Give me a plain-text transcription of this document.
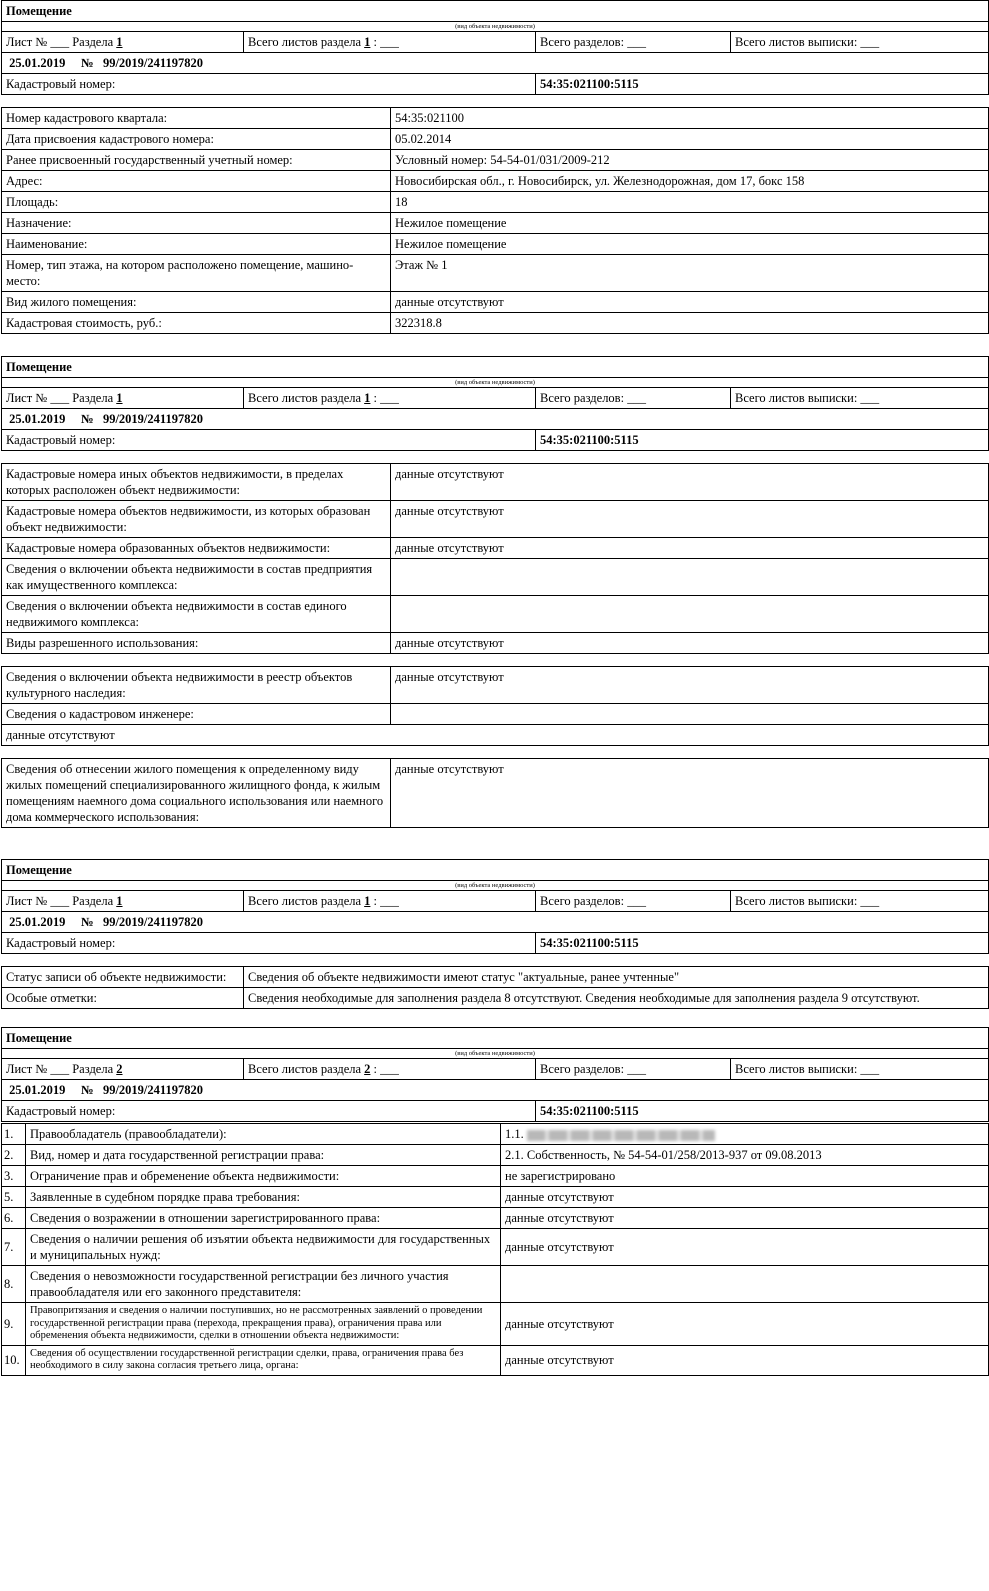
Помещение			
(вид объекта недвижимости)			
Лист № ___ Раздела 1	Всего листов раздела 1 : ___	Всего разделов: ___	Всего листов выписки: ___
25.01.2019 № 99/2019/241197820			
Кадастровый номер:		54:35:021100:5115	
Номер кадастрового квартала:	54:35:021100
Дата присвоения кадастрового номера:	05.02.2014
Ранее присвоенный государственный учетный номер:	Условный номер: 54-54-01/031/2009-212
Адрес:	Новосибирская обл., г. Новосибирск, ул. Железнодорожная, дом 17, бокс 158
Площадь:	18
Назначение:	Нежилое помещение
Наименование:	Нежилое помещение
Номер, тип этажа, на котором расположено помещение, машино-место:	Этаж № 1
Вид жилого помещения:	данные отсутствуют
Кадастровая стоимость, руб.:	322318.8
Помещение			
(вид объекта недвижимости)			
Лист № ___ Раздела 1	Всего листов раздела 1 : ___	Всего разделов: ___	Всего листов выписки: ___
25.01.2019 № 99/2019/241197820			
Кадастровый номер:		54:35:021100:5115	
Кадастровые номера иных объектов недвижимости, в пределах которых расположен объект недвижимости:	данные отсутствуют
Кадастровые номера объектов недвижимости, из которых образован объект недвижимости:	данные отсутствуют
Кадастровые номера образованных объектов недвижимости:	данные отсутствуют
Сведения о включении объекта недвижимости в состав предприятия как имущественного комплекса:	
Сведения о включении объекта недвижимости в состав единого недвижимого комплекса:	
Виды разрешенного использования:	данные отсутствуют
Сведения о включении объекта недвижимости в реестр объектов культурного наследия:	данные отсутствуют
Сведения о кадастровом инженере:	
данные отсутствуют	
Сведения об отнесении жилого помещения к определенному виду жилых помещений специализированного жилищного фонда, к жилым помещениям наемного дома социального использования или наемного дома коммерческого использования:	данные отсутствуют
Помещение			
(вид объекта недвижимости)			
Лист № ___ Раздела 1	Всего листов раздела 1 : ___	Всего разделов: ___	Всего листов выписки: ___
25.01.2019 № 99/2019/241197820			
Кадастровый номер:		54:35:021100:5115	
Статус записи об объекте недвижимости:	Сведения об объекте недвижимости имеют статус "актуальные, ранее учтенные"
Особые отметки:	Сведения необходимые для заполнения раздела 8 отсутствуют. Сведения необходимые для заполнения раздела 9 отсутствуют.
Помещение			
(вид объекта недвижимости)			
Лист № ___ Раздела 2	Всего листов раздела 2 : ___	Всего разделов: ___	Всего листов выписки: ___
25.01.2019 № 99/2019/241197820			
Кадастровый номер:		54:35:021100:5115	
1.	Правообладатель (правообладатели):	1.1.
2.	Вид, номер и дата государственной регистрации права:	2.1. Собственность, № 54-54-01/258/2013-937 от 09.08.2013
3.	Ограничение прав и обременение объекта недвижимости:	не зарегистрировано
5.	Заявленные в судебном порядке права требования:	данные отсутствуют
6.	Сведения о возражении в отношении зарегистрированного права:	данные отсутствуют
7.	Сведения о наличии решения об изъятии объекта недвижимости для государственных и муниципальных нужд:	данные отсутствуют
8.	Сведения о невозможности государственной регистрации без личного участия правообладателя или его законного представителя:	
9.	Правопритязания и сведения о наличии поступивших, но не рассмотренных заявлений о проведении государственной регистрации права (перехода, прекращения права), ограничения права или обременения объекта недвижимости, сделки в отношении объекта недвижимости:	данные отсутствуют
10.	Сведения об осуществлении государственной регистрации сделки, права, ограничения права без необходимого в силу закона согласия третьего лица, органа:	данные отсутствуют
